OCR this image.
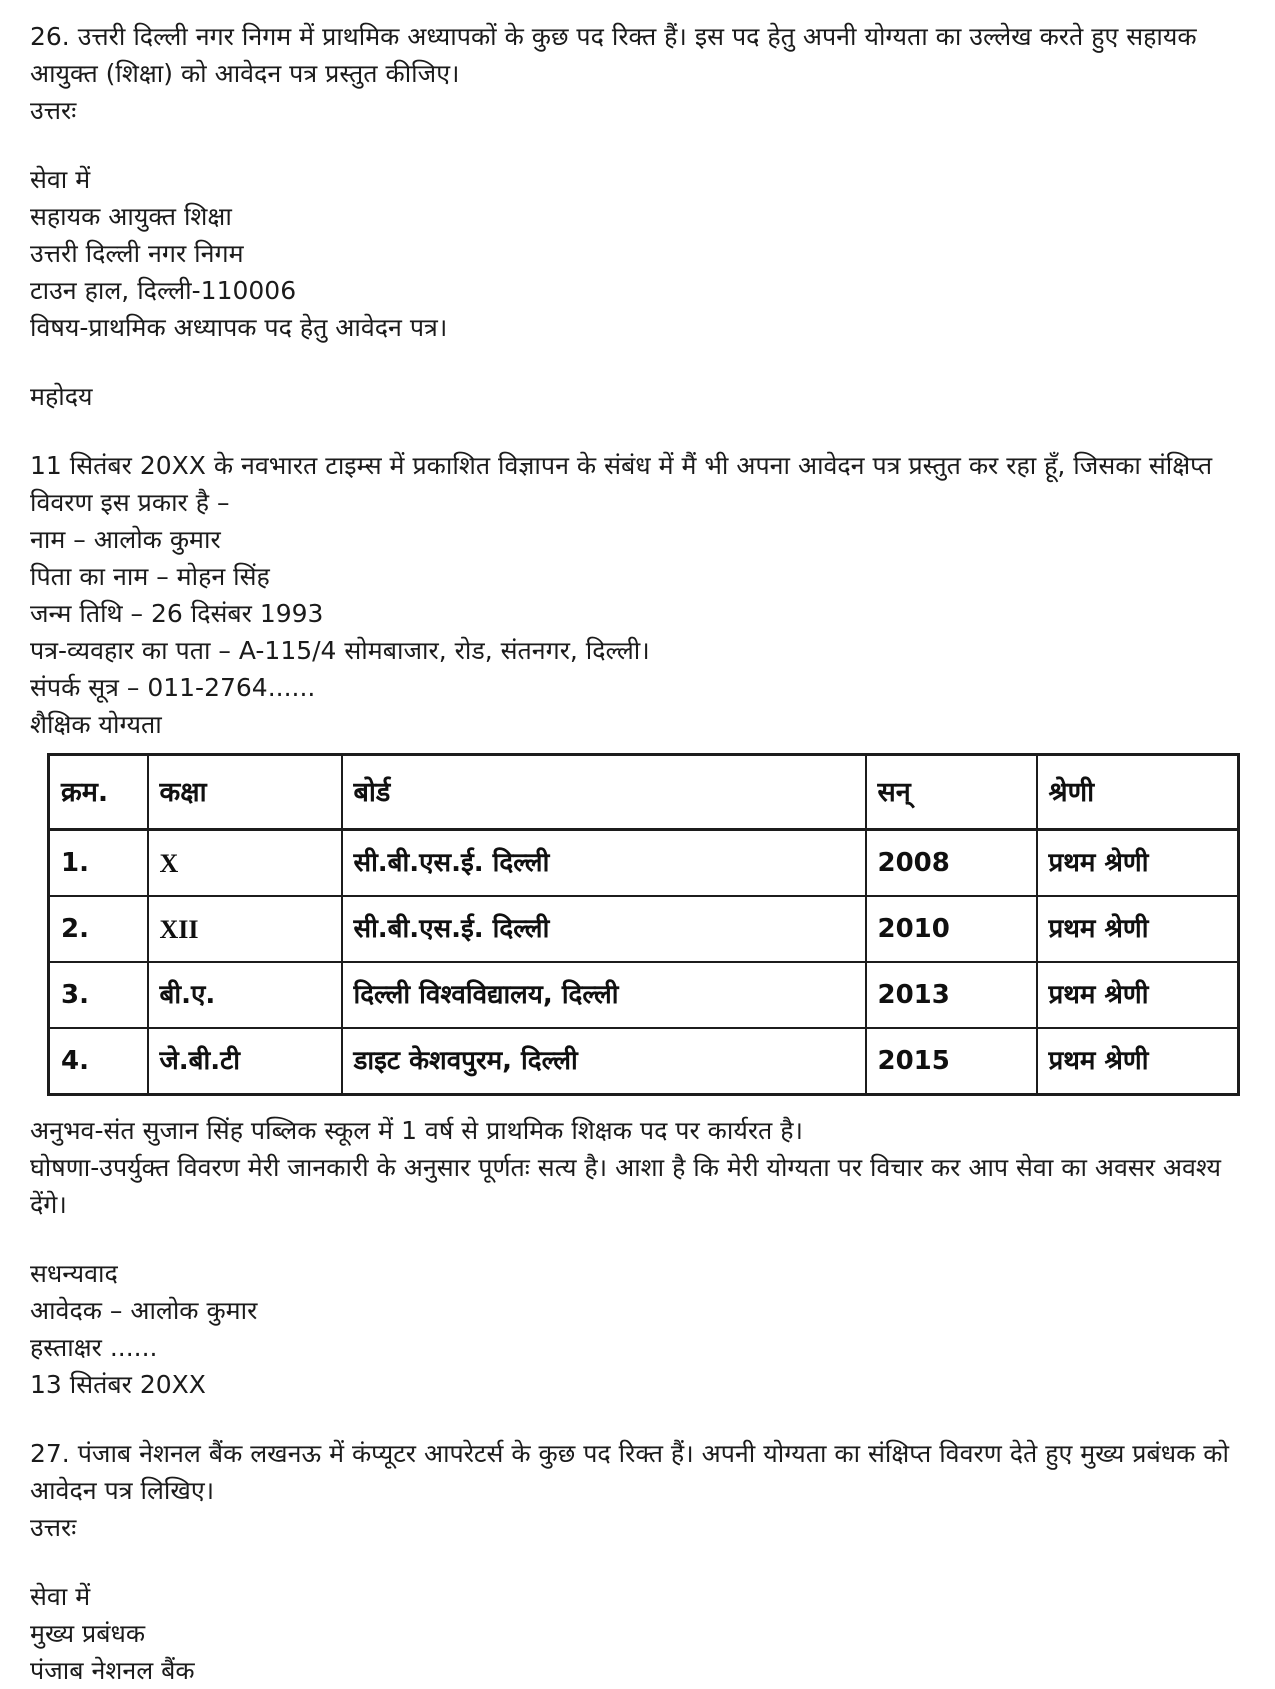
26. उत्तरी दिल्ली नगर निगम में प्राथमिक अध्यापकों के कुछ पद रिक्त हैं। इस पद हेतु अपनी योग्यता का उल्लेख करते हुए सहायक आयुक्त (शिक्षा) को आवेदन पत्र प्रस्तुत कीजिए।

उत्तरः

सेवा में

सहायक आयुक्त शिक्षा

उत्तरी दिल्ली नगर निगम

टाउन हाल, दिल्ली-110006

विषय-प्राथमिक अध्यापक पद हेतु आवेदन पत्र।

महोदय

11 सितंबर 20XX के नवभारत टाइम्स में प्रकाशित विज्ञापन के संबंध में मैं भी अपना आवेदन पत्र प्रस्तुत कर रहा हूँ, जिसका संक्षिप्त विवरण इस प्रकार है –

नाम – आलोक कुमार

पिता का नाम – मोहन सिंह

जन्म तिथि – 26 दिसंबर 1993

पत्र-व्यवहार का पता – A-115/4 सोमबाजार, रोड, संतनगर, दिल्ली।

संपर्क सूत्र – 011-2764......

शैक्षिक योग्यता

क्रम.	कक्षा	बोर्ड	सन्	श्रेणी
1.	X	सी.बी.एस.ई. दिल्ली	2008	प्रथम श्रेणी
2.	XII	सी.बी.एस.ई. दिल्ली	2010	प्रथम श्रेणी
3.	बी.ए.	दिल्ली विश्वविद्यालय, दिल्ली	2013	प्रथम श्रेणी
4.	जे.बी.टी	डाइट केशवपुरम, दिल्ली	2015	प्रथम श्रेणी

अनुभव-संत सुजान सिंह पब्लिक स्कूल में 1 वर्ष से प्राथमिक शिक्षक पद पर कार्यरत है।

घोषणा-उपर्युक्त विवरण मेरी जानकारी के अनुसार पूर्णतः सत्य है। आशा है कि मेरी योग्यता पर विचार कर आप सेवा का अवसर अवश्य देंगे।

सधन्यवाद

आवेदक – आलोक कुमार

हस्ताक्षर ......

13 सितंबर 20XX

27. पंजाब नेशनल बैंक लखनऊ में कंप्यूटर आपरेटर्स के कुछ पद रिक्त हैं। अपनी योग्यता का संक्षिप्त विवरण देते हुए मुख्य प्रबंधक को आवेदन पत्र लिखिए।

उत्तरः

सेवा में

मुख्य प्रबंधक

पंजाब नेशनल बैंक
